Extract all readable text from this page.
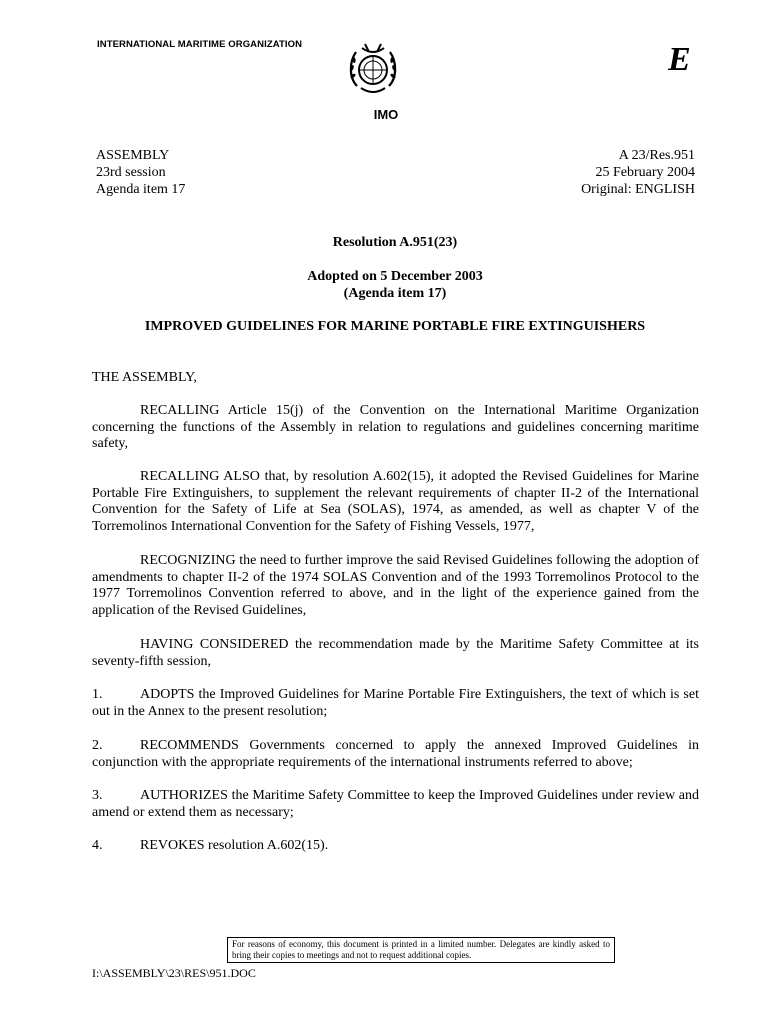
INTERNATIONAL MARITIME ORGANIZATION	E
IMO
ASSEMBLY
23rd session
Agenda item 17
A 23/Res.951
25 February 2004
Original: ENGLISH
Resolution A.951(23)
Adopted on 5 December 2003
(Agenda item 17)
IMPROVED GUIDELINES FOR MARINE PORTABLE FIRE EXTINGUISHERS
THE ASSEMBLY,
RECALLING Article 15(j) of the Convention on the International Maritime Organization concerning the functions of the Assembly in relation to regulations and guidelines concerning maritime safety,
RECALLING ALSO that, by resolution A.602(15), it adopted the Revised Guidelines for Marine Portable Fire Extinguishers, to supplement the relevant requirements of chapter II-2 of the International Convention for the Safety of Life at Sea (SOLAS), 1974, as amended, as well as chapter V of the Torremolinos International Convention for the Safety of Fishing Vessels, 1977,
RECOGNIZING the need to further improve the said Revised Guidelines following the adoption of amendments to chapter II-2 of the 1974 SOLAS Convention and of the 1993 Torremolinos Protocol to the 1977 Torremolinos Convention referred to above, and in the light of the experience gained from the application of the Revised Guidelines,
HAVING CONSIDERED the recommendation made by the Maritime Safety Committee at its seventy-fifth session,
1.	ADOPTS the Improved Guidelines for Marine Portable Fire Extinguishers, the text of which is set out in the Annex to the present resolution;
2.	RECOMMENDS Governments concerned to apply the annexed Improved Guidelines in conjunction with the appropriate requirements of the international instruments referred to above;
3.	AUTHORIZES the Maritime Safety Committee to keep the Improved Guidelines under review and amend or extend them as necessary;
4.	REVOKES resolution A.602(15).
For reasons of economy, this document is printed in a limited number. Delegates are kindly asked to bring their copies to meetings and not to request additional copies.
I:\ASSEMBLY\23\RES\951.DOC
